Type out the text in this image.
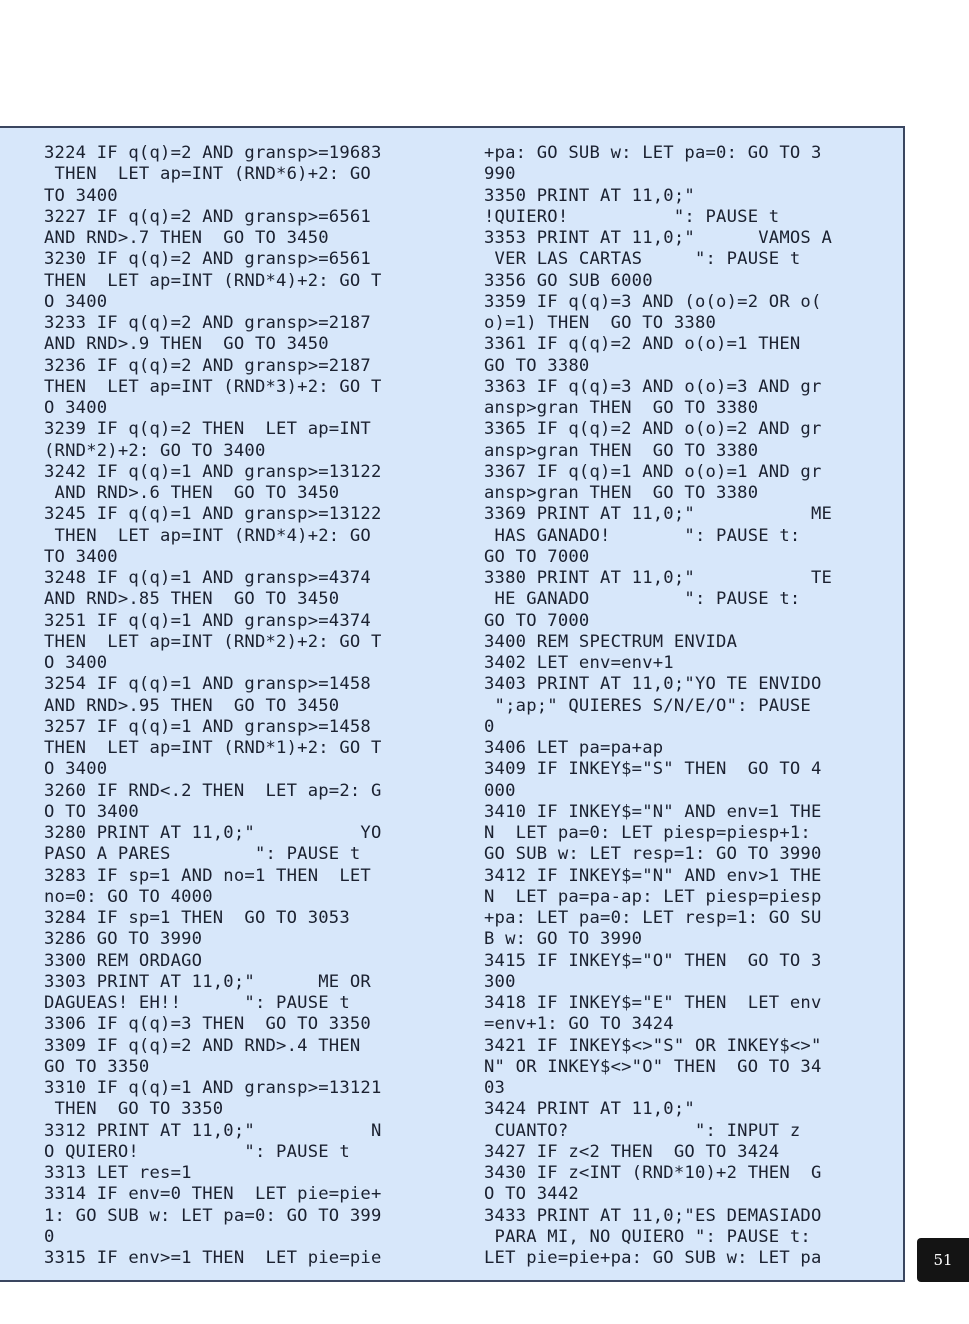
3224 IF q(q)=2 AND gransp>=19683
THEN  LET ap=INT (RND*6)+2: GO
TO 3400
3227 IF q(q)=2 AND gransp>=6561
AND RND>.7 THEN  GO TO 3450
3230 IF q(q)=2 AND gransp>=6561
THEN  LET ap=INT (RND*4)+2: GO T
O 3400
3233 IF q(q)=2 AND gransp>=2187
AND RND>.9 THEN  GO TO 3450
3236 IF q(q)=2 AND gransp>=2187
THEN  LET ap=INT (RND*3)+2: GO T
O 3400
3239 IF q(q)=2 THEN  LET ap=INT
(RND*2)+2: GO TO 3400
3242 IF q(q)=1 AND gransp>=13122
AND RND>.6 THEN  GO TO 3450
3245 IF q(q)=1 AND gransp>=13122
THEN  LET ap=INT (RND*4)+2: GO
TO 3400
3248 IF q(q)=1 AND gransp>=4374
AND RND>.85 THEN  GO TO 3450
3251 IF q(q)=1 AND gransp>=4374
THEN  LET ap=INT (RND*2)+2: GO T
O 3400
3254 IF q(q)=1 AND gransp>=1458
AND RND>.95 THEN  GO TO 3450
3257 IF q(q)=1 AND gransp>=1458
THEN  LET ap=INT (RND*1)+2: GO T
O 3400
3260 IF RND<.2 THEN  LET ap=2: G
O TO 3400
3280 PRINT AT 11,0;"          YO
PASO A PARES        ": PAUSE t
3283 IF sp=1 AND no=1 THEN  LET
no=0: GO TO 4000
3284 IF sp=1 THEN  GO TO 3053
3286 GO TO 3990
3300 REM ORDAGO
3303 PRINT AT 11,0;"      ME OR
DAGUEAS! EH!!      ": PAUSE t
3306 IF q(q)=3 THEN  GO TO 3350
3309 IF q(q)=2 AND RND>.4 THEN
GO TO 3350
3310 IF q(q)=1 AND gransp>=13121
THEN  GO TO 3350
3312 PRINT AT 11,0;"           N
O QUIERO!          ": PAUSE t
3313 LET res=1
3314 IF env=0 THEN  LET pie=pie+
1: GO SUB w: LET pa=0: GO TO 399
0
3315 IF env>=1 THEN  LET pie=pie
+pa: GO SUB w: LET pa=0: GO TO 3
990
3350 PRINT AT 11,0;"
!QUIERO!          ": PAUSE t
3353 PRINT AT 11,0;"      VAMOS A
VER LAS CARTAS     ": PAUSE t
3356 GO SUB 6000
3359 IF q(q)=3 AND (o(o)=2 OR o(
o)=1) THEN  GO TO 3380
3361 IF q(q)=2 AND o(o)=1 THEN
GO TO 3380
3363 IF q(q)=3 AND o(o)=3 AND gr
ansp>gran THEN  GO TO 3380
3365 IF q(q)=2 AND o(o)=2 AND gr
ansp>gran THEN  GO TO 3380
3367 IF q(q)=1 AND o(o)=1 AND gr
ansp>gran THEN  GO TO 3380
3369 PRINT AT 11,0;"           ME
HAS GANADO!       ": PAUSE t:
GO TO 7000
3380 PRINT AT 11,0;"           TE
HE GANADO         ": PAUSE t:
GO TO 7000
3400 REM SPECTRUM ENVIDA
3402 LET env=env+1
3403 PRINT AT 11,0;"YO TE ENVIDO
";ap;" QUIERES S/N/E/O": PAUSE
0
3406 LET pa=pa+ap
3409 IF INKEY$="S" THEN  GO TO 4
000
3410 IF INKEY$="N" AND env=1 THE
N  LET pa=0: LET piesp=piesp+1:
GO SUB w: LET resp=1: GO TO 3990
3412 IF INKEY$="N" AND env>1 THE
N  LET pa=pa-ap: LET piesp=piesp
+pa: LET pa=0: LET resp=1: GO SU
B w: GO TO 3990
3415 IF INKEY$="O" THEN  GO TO 3
300
3418 IF INKEY$="E" THEN  LET env
=env+1: GO TO 3424
3421 IF INKEY$<>"S" OR INKEY$<>"
N" OR INKEY$<>"O" THEN  GO TO 34
03
3424 PRINT AT 11,0;"
CUANTO?            ": INPUT z
3427 IF z<2 THEN  GO TO 3424
3430 IF z<INT (RND*10)+2 THEN  G
O TO 3442
3433 PRINT AT 11,0;"ES DEMASIADO
PARA MI, NO QUIERO ": PAUSE t:
LET pie=pie+pa: GO SUB w: LET pa	51
